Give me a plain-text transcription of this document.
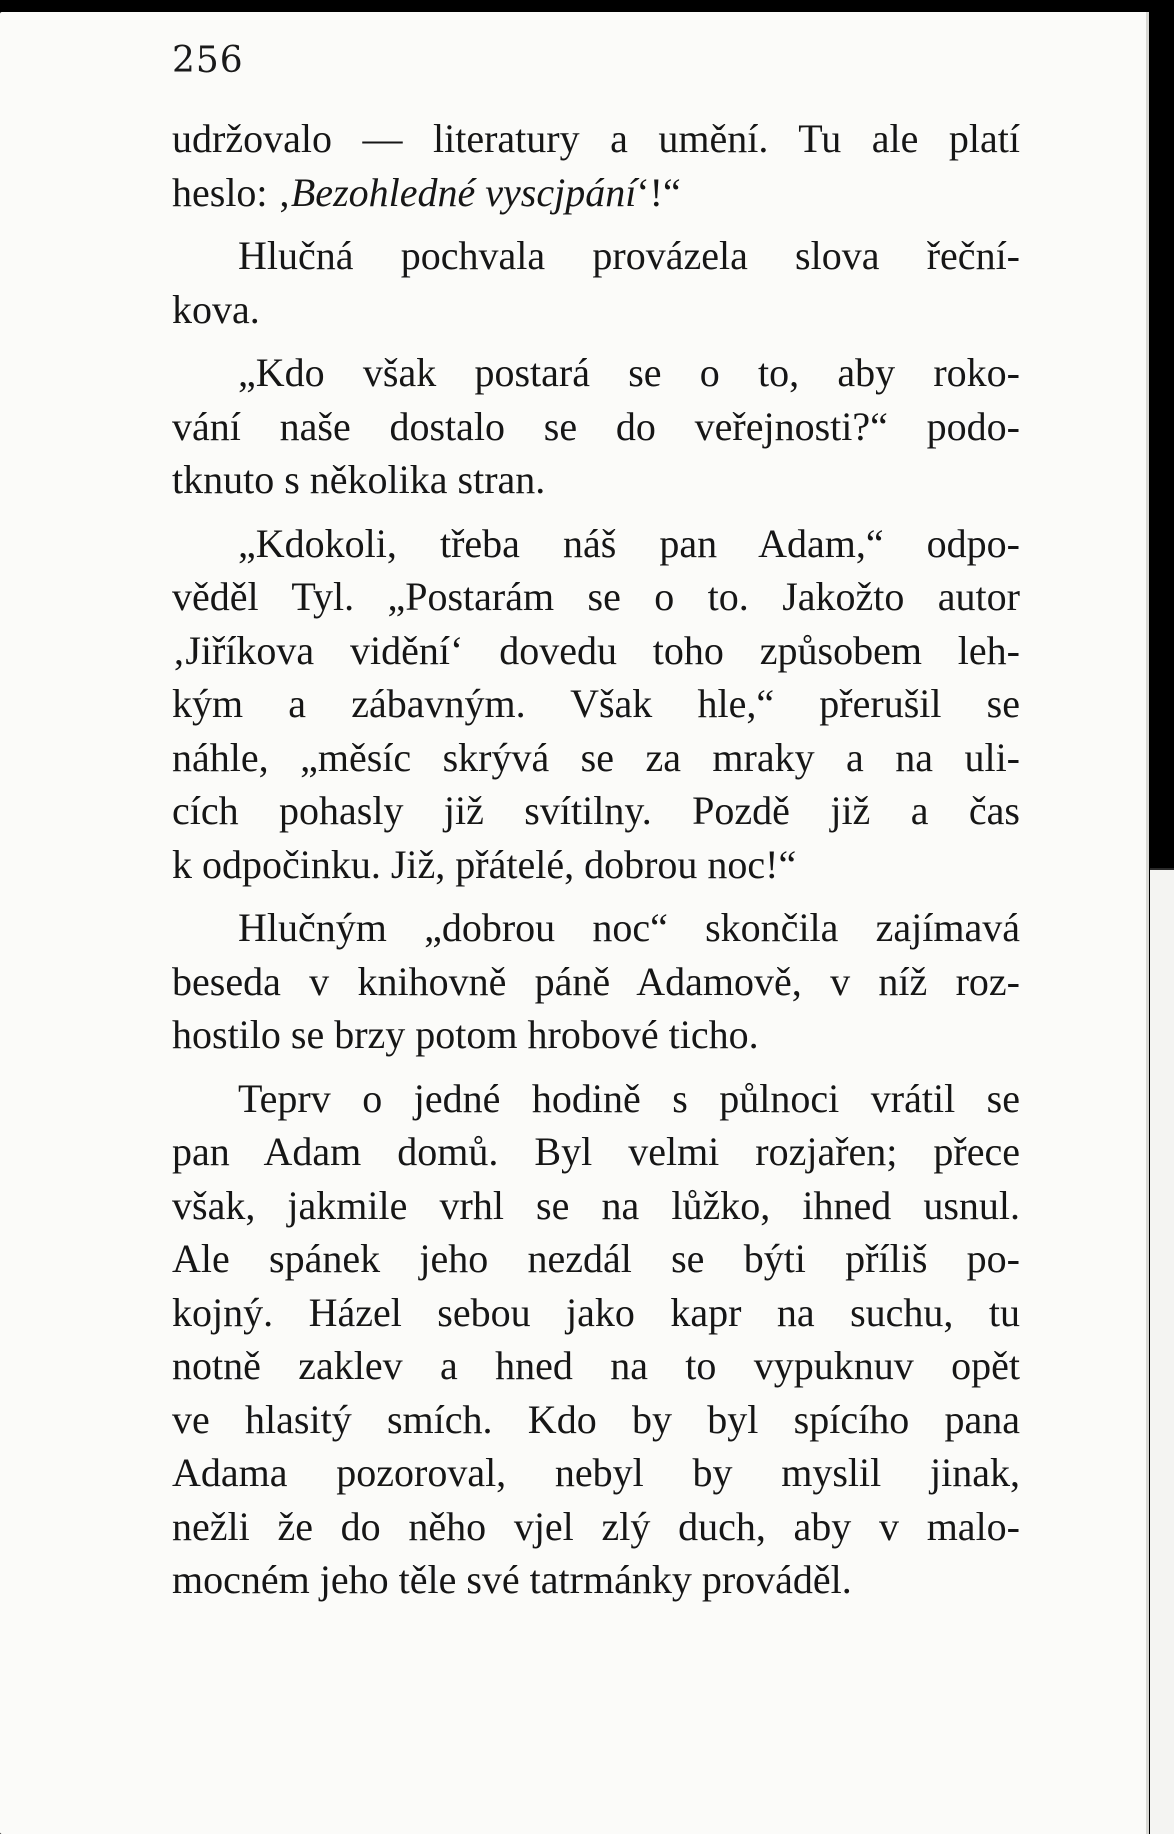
256
udržovalo — literatury a umění. Tu ale platí
heslo: ‚Bezohledné vyscjpání‘!“
Hlučná pochvala provázela slova řeční-
kova.
„Kdo však postará se o to, aby roko-
vání naše dostalo se do veřejnosti?“ podo-
tknuto s několika stran.
„Kdokoli, třeba náš pan Adam,“ odpo-
věděl Tyl. „Postarám se o to. Jakožto autor
‚Jiříkova vidění‘ dovedu toho způsobem leh-
kým a zábavným. Však hle,“ přerušil se
náhle, „měsíc skrývá se za mraky a na uli-
cích pohasly již svítilny. Pozdě již a čas
k odpočinku. Již, přátelé, dobrou noc!“
Hlučným „dobrou noc“ skončila zajímavá
beseda v knihovně páně Adamově, v níž roz-
hostilo se brzy potom hrobové ticho.
Teprv o jedné hodině s půlnoci vrátil se
pan Adam domů. Byl velmi rozjařen; přece
však, jakmile vrhl se na lůžko, ihned usnul.
Ale spánek jeho nezdál se býti příliš po-
kojný. Házel sebou jako kapr na suchu, tu
notně zaklev a hned na to vypuknuv opět
ve hlasitý smích. Kdo by byl spícího pana
Adama pozoroval, nebyl by myslil jinak,
nežli že do něho vjel zlý duch, aby v malo-
mocném jeho těle své tatrmánky prováděl.
